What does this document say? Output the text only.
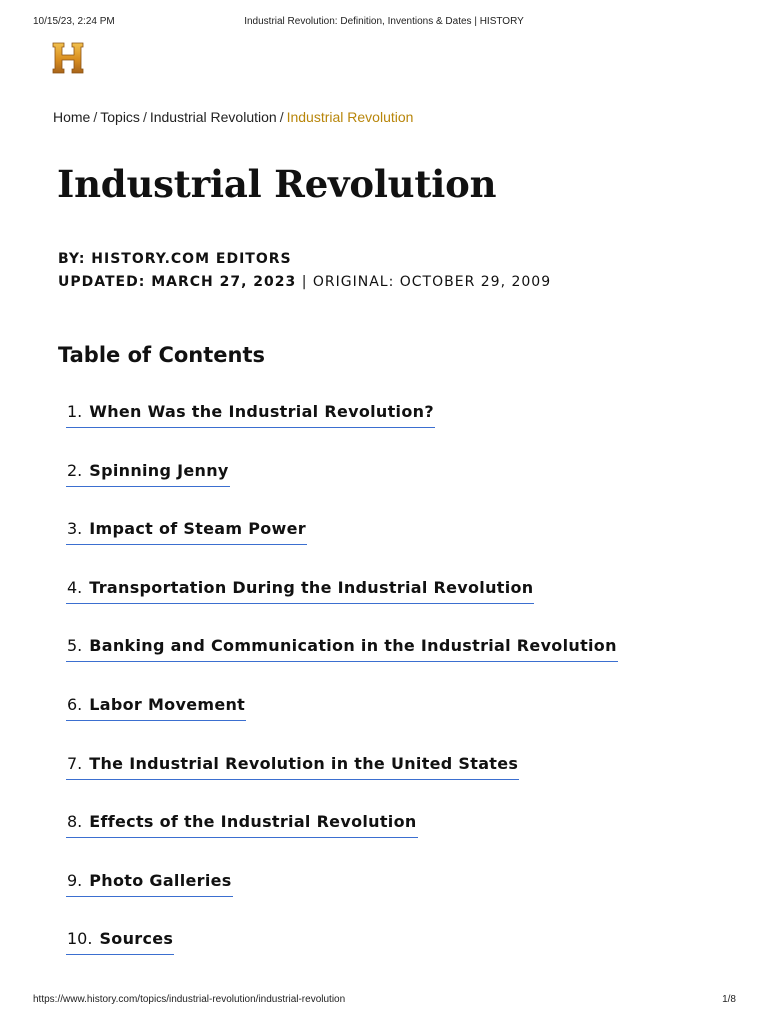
10/15/23, 2:24 PM	Industrial Revolution: Definition, Inventions & Dates | HISTORY
Home / Topics / Industrial Revolution / Industrial Revolution
Industrial Revolution
BY: HISTORY.COM EDITORS
UPDATED: MARCH 27, 2023 | ORIGINAL: OCTOBER 29, 2009
Table of Contents
1. When Was the Industrial Revolution?
2. Spinning Jenny
3. Impact of Steam Power
4. Transportation During the Industrial Revolution
5. Banking and Communication in the Industrial Revolution
6. Labor Movement
7. The Industrial Revolution in the United States
8. Effects of the Industrial Revolution
9. Photo Galleries
10. Sources
https://www.history.com/topics/industrial-revolution/industrial-revolution	1/8
